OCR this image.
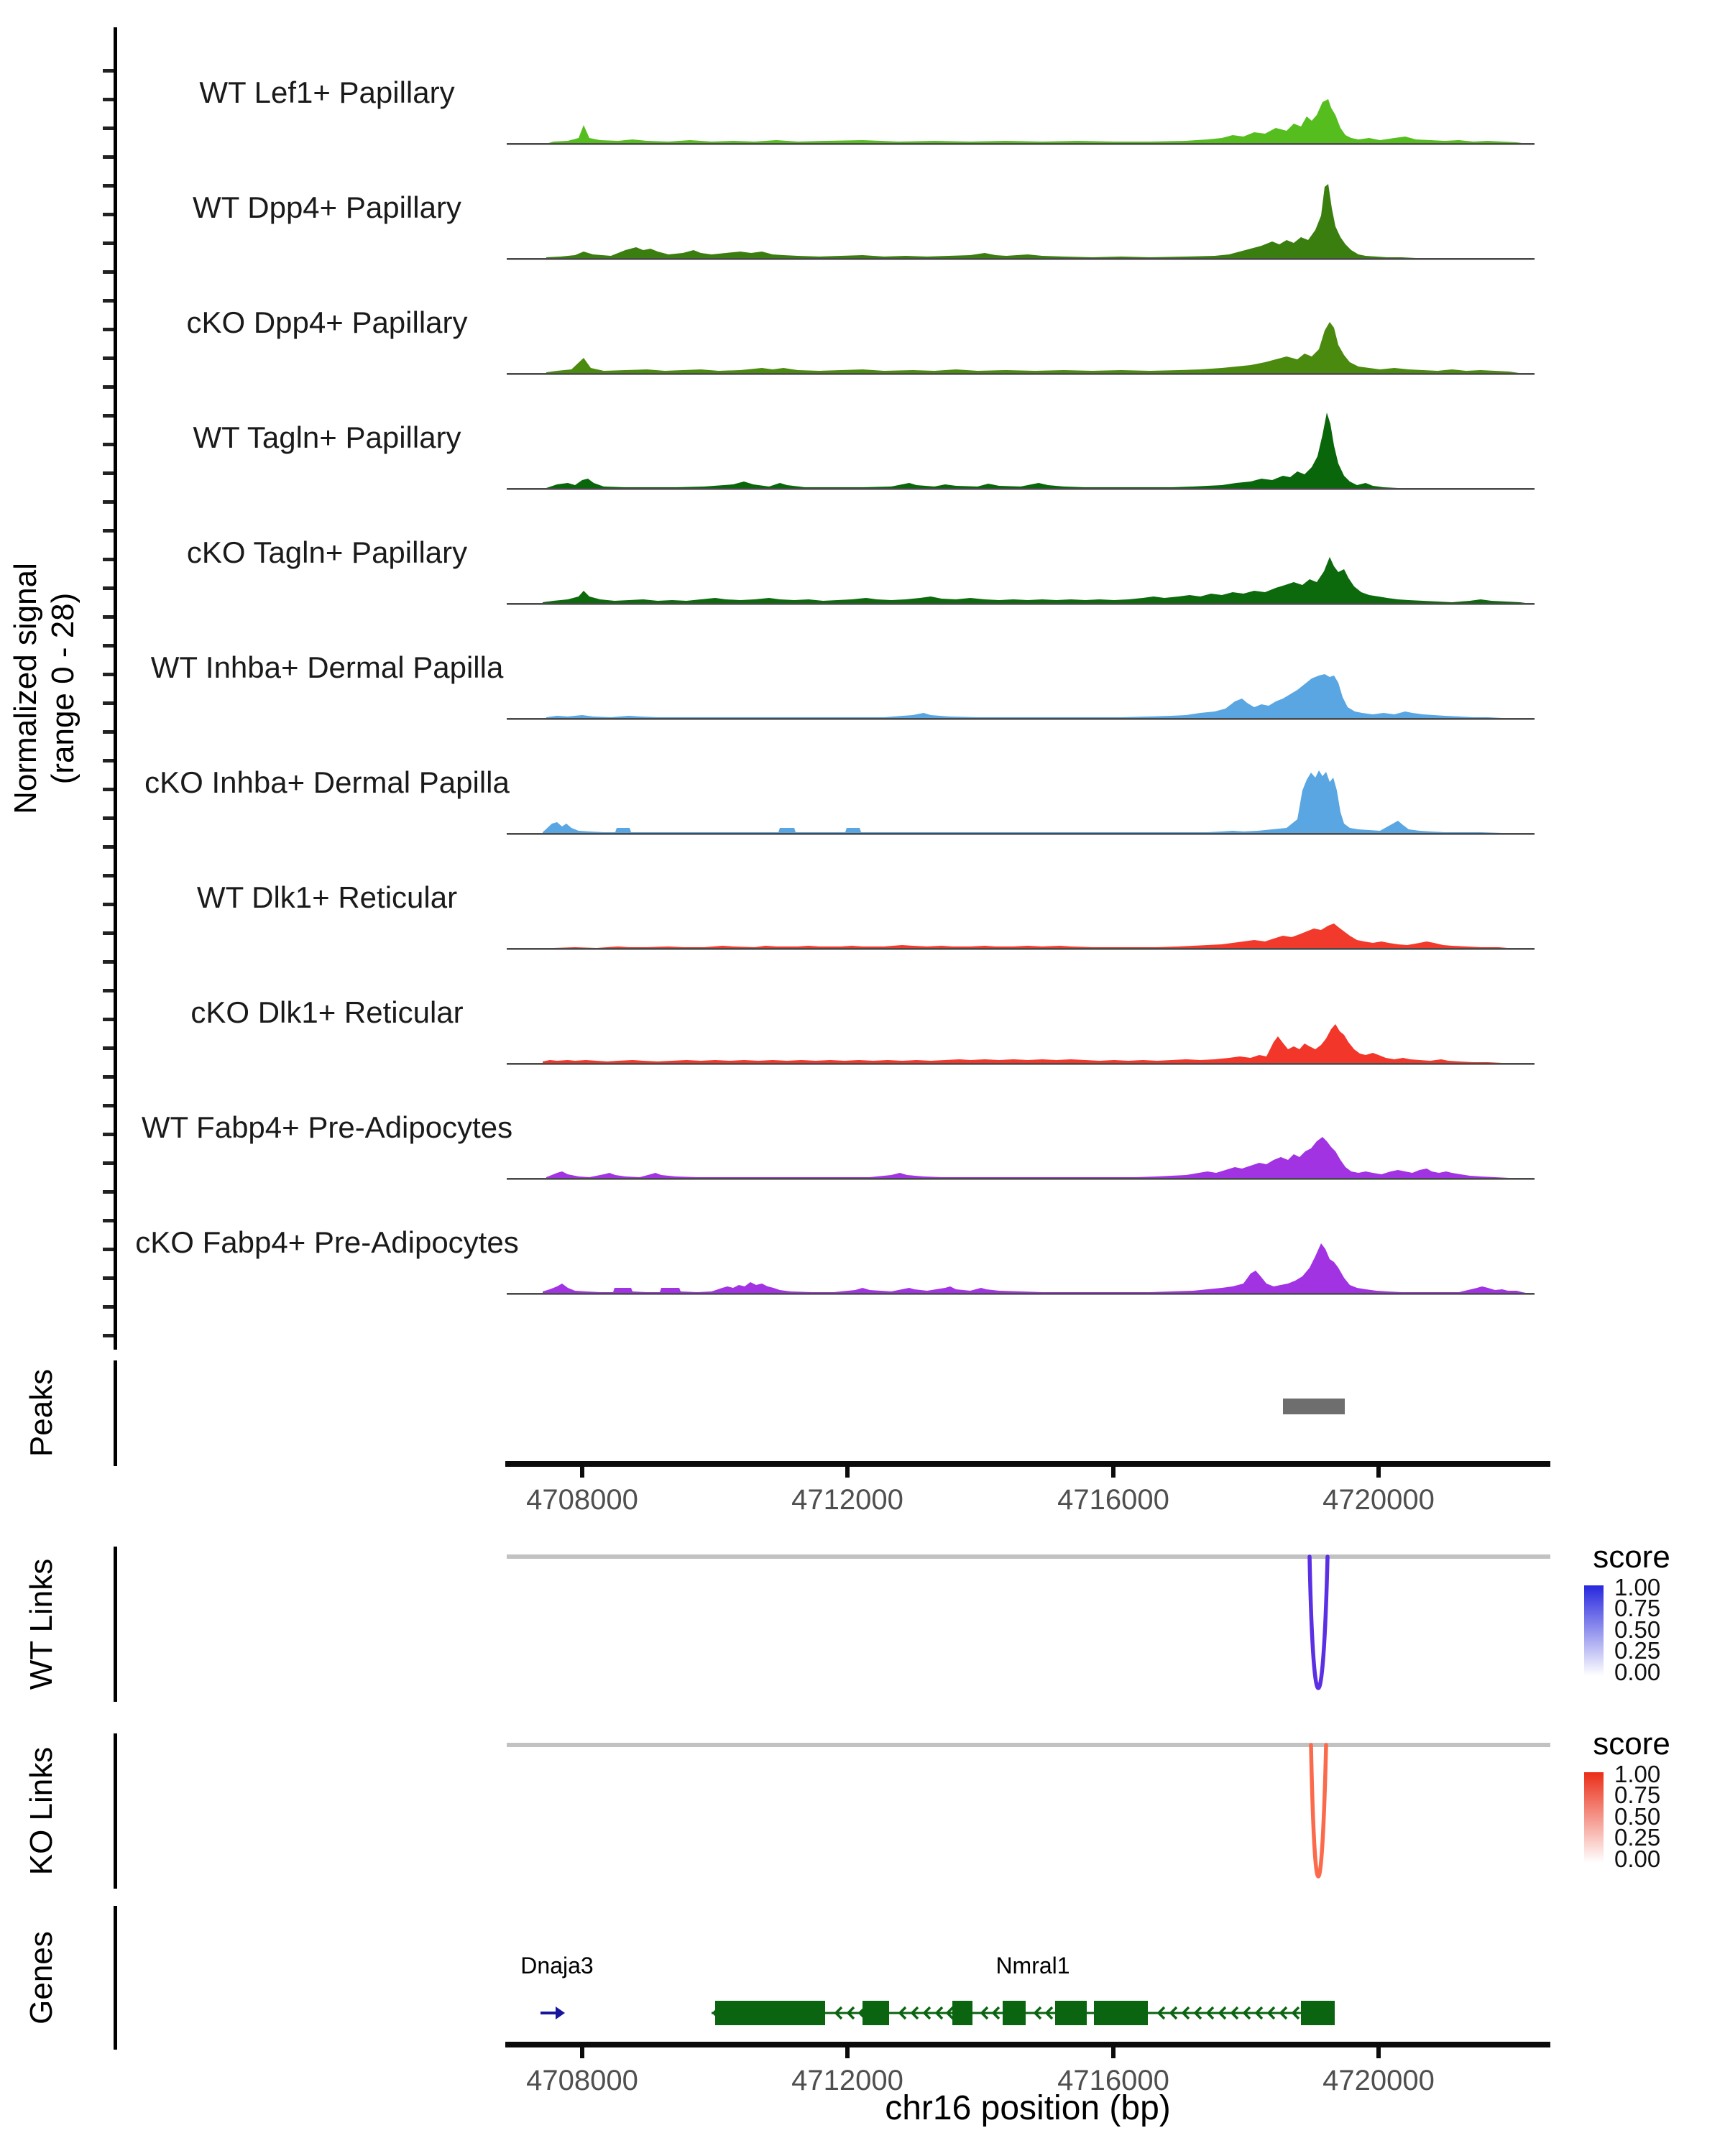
Normalized signal (range 0 - 28)
Peaks
WT Links
KO Links
Genes
chr16 position (bp)
score
1.00
0.75
0.50
0.25
0.00
score
1.00
0.75
0.50
0.25
0.00
WT Lef1+ Papillary
WT Dpp4+ Papillary
cKO Dpp4+ Papillary
WT Tagln+ Papillary
cKO Tagln+ Papillary
WT Inhba+ Dermal Papilla
cKO Inhba+ Dermal Papilla
WT Dlk1+ Reticular
cKO Dlk1+ Reticular
WT Fabp4+ Pre-Adipocytes
cKO Fabp4+ Pre-Adipocytes
4708000	4712000	4716000	4720000
4708000	4712000	4716000	4720000
Dnaja3	Nmral1
